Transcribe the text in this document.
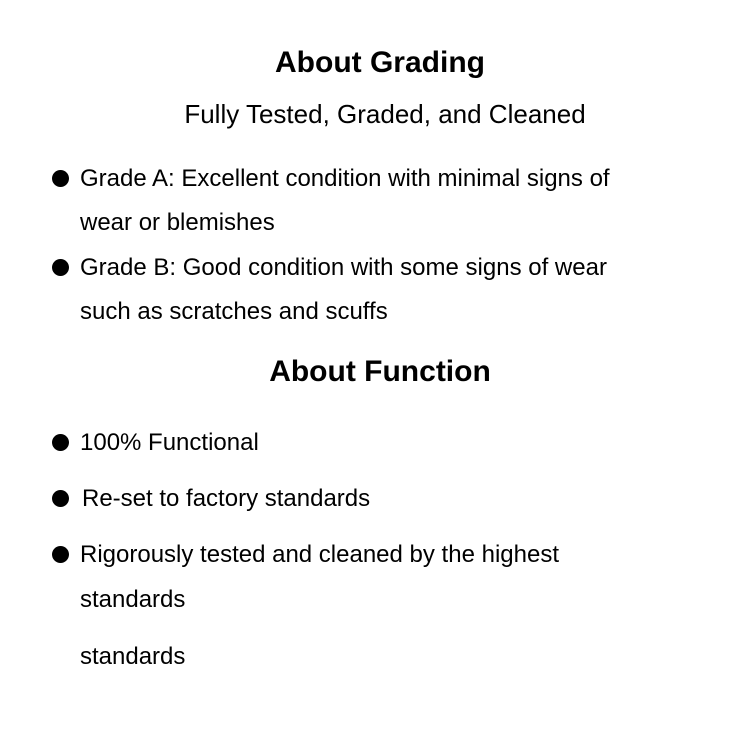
About Grading
Fully Tested, Graded, and Cleaned

Grade A: Excellent condition with minimal signs of

wear or blemishes

Grade B: Good condition with some signs of wear

such as scratches and scuffs

About Function

100% Functional

Re-set to factory standards

Rigorously tested and cleaned by the highest

standards

standards
